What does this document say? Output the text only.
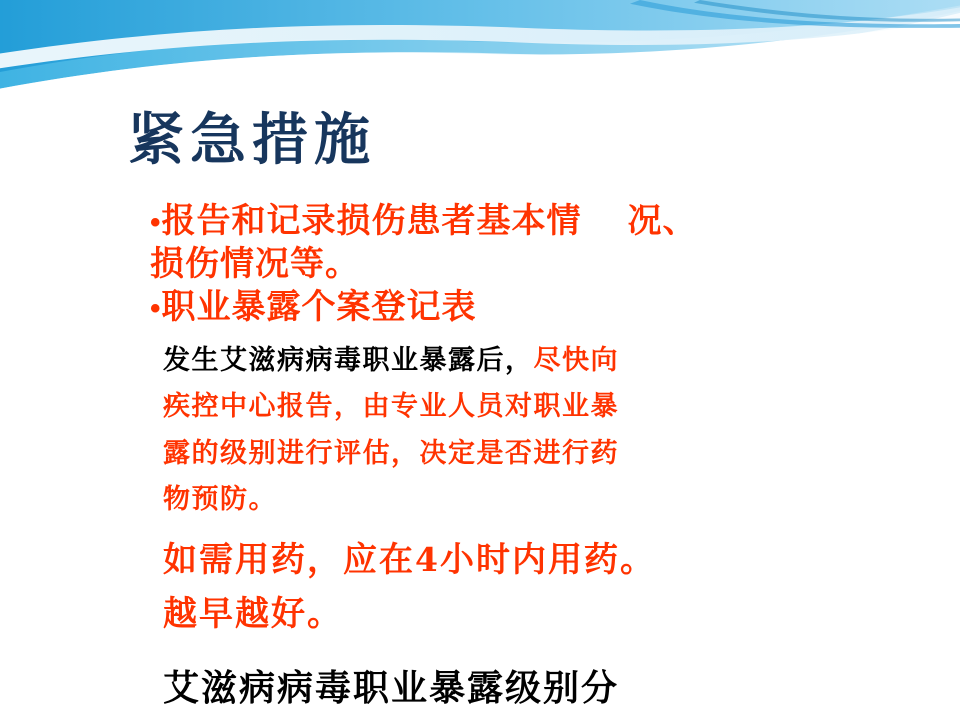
紧急措施
•报告和记录损伤患者基本情 况、
损伤情况等。
•职业暴露个案登记表
发生艾滋病病毒职业暴露后，尽快向
疾控中心报告，由专业人员对职业暴
露的级别进行评估，决定是否进行药
物预防。
如需用药，应在4小时内用药。
越早越好。
艾滋病病毒职业暴露级别分
